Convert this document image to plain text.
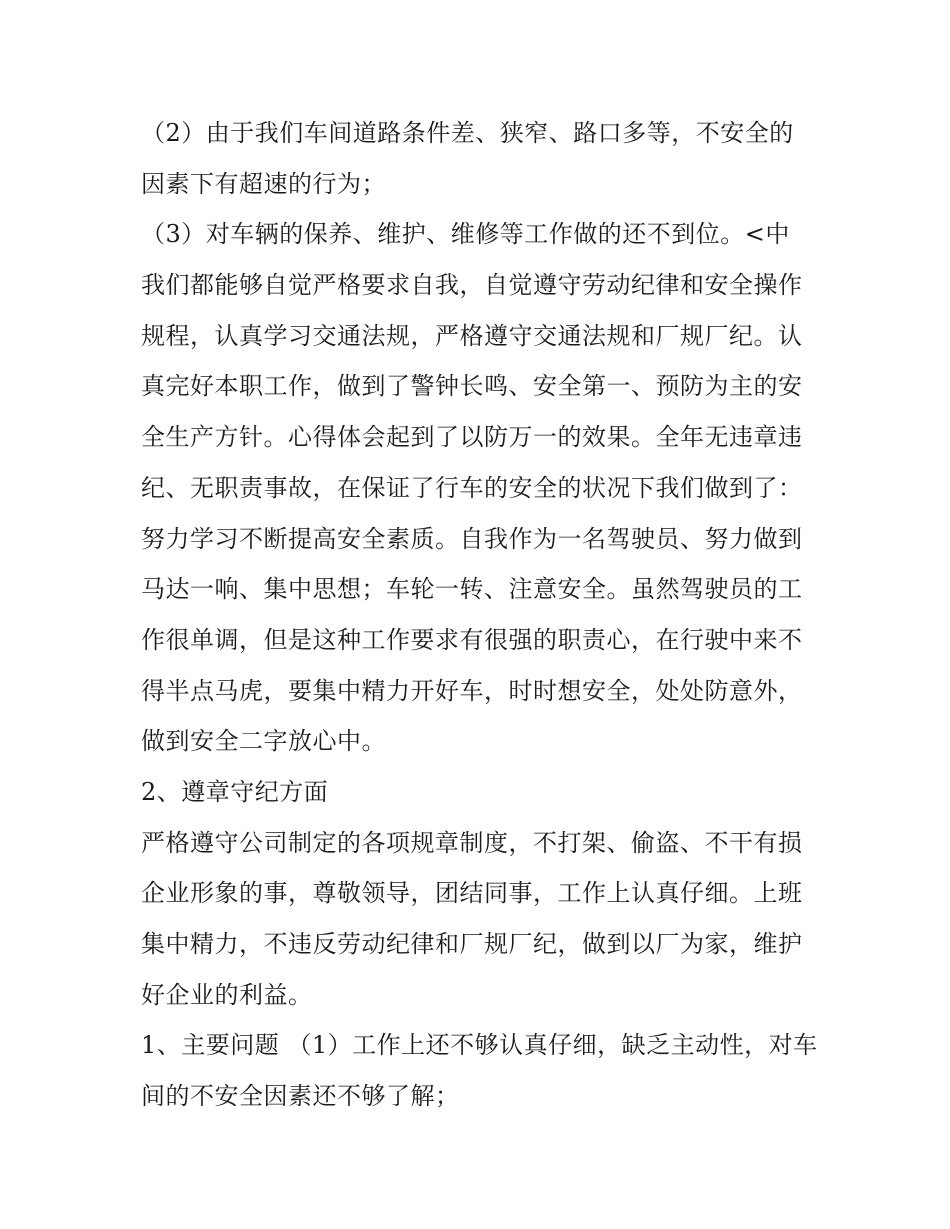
（2）由于我们车间道路条件差、狭窄、路口多等，不安全的
因素下有超速的行为；
（3）对车辆的保养、维护、维修等工作做的还不到位。<中
我们都能够自觉严格要求自我，自觉遵守劳动纪律和安全操作
规程，认真学习交通法规，严格遵守交通法规和厂规厂纪。认
真完好本职工作，做到了警钟长鸣、安全第一、预防为主的安
全生产方针。心得体会起到了以防万一的效果。全年无违章违
纪、无职责事故，在保证了行车的安全的状况下我们做到了：
努力学习不断提高安全素质。自我作为一名驾驶员、努力做到
马达一响、集中思想；车轮一转、注意安全。虽然驾驶员的工
作很单调，但是这种工作要求有很强的职责心，在行驶中来不
得半点马虎，要集中精力开好车，时时想安全，处处防意外，
做到安全二字放心中。
2、遵章守纪方面
严格遵守公司制定的各项规章制度，不打架、偷盗、不干有损
企业形象的事，尊敬领导，团结同事，工作上认真仔细。上班
集中精力，不违反劳动纪律和厂规厂纪，做到以厂为家，维护
好企业的利益。
1、主要问题 （1）工作上还不够认真仔细，缺乏主动性，对车
间的不安全因素还不够了解；
